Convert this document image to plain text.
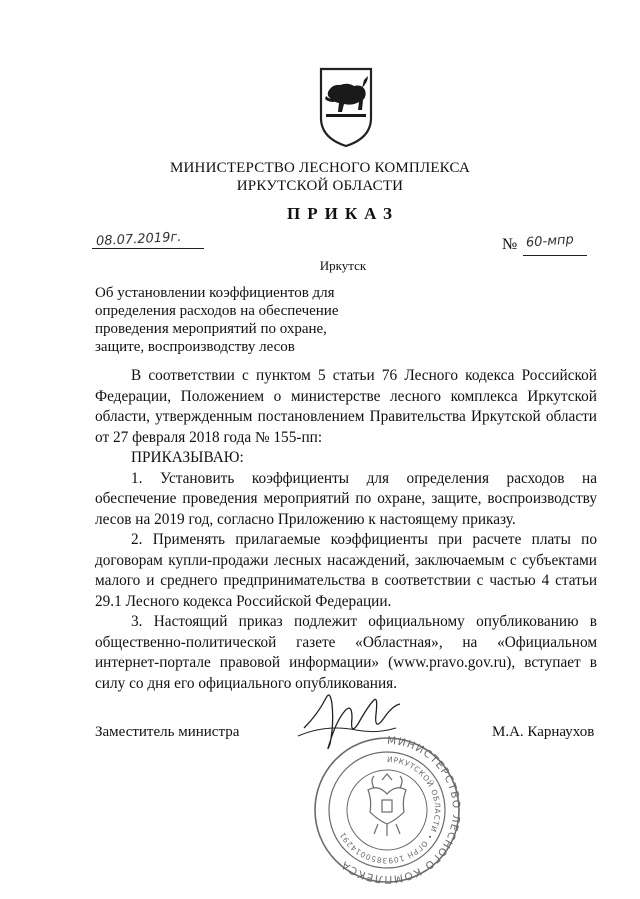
МИНИСТЕРСТВО ЛЕСНОГО КОМПЛЕКСА
ИРКУТСКОЙ ОБЛАСТИ
ПРИКАЗ
08.07.2019г.	№ 60-мпр
Иркутск
Об установлении коэффициентов для
определения расходов на обеспечение
проведения мероприятий по охране,
защите, воспроизводству лесов

В соответствии с пунктом 5 статьи 76 Лесного кодекса Российской Федерации, Положением о министерстве лесного комплекса Иркутской области, утвержденным постановлением Правительства Иркутской области от 27 февраля 2018 года № 155-пп:

ПРИКАЗЫВАЮ:

1. Установить коэффициенты для определения расходов на обеспечение проведения мероприятий по охране, защите, воспроизводству лесов на 2019 год, согласно Приложению к настоящему приказу.

2. Применять прилагаемые коэффициенты при расчете платы по договорам купли-продажи лесных насаждений, заключаемым с субъектами малого и среднего предпринимательства в соответствии с частью 4 статьи 29.1 Лесного кодекса Российской Федерации.

3. Настоящий приказ подлежит официальному опубликованию в общественно-политической газете «Областная», на «Официальном интернет-портале правовой информации» (www.pravo.gov.ru), вступает в силу со дня его официального опубликования.

Заместитель министра	М.А. Карнаухов
МИНИСТЕРСТВО ЛЕСНОГО КОМПЛЕКСА
ИРКУТСКОЙ ОБЛАСТИ • ОГРН 1093850014291
